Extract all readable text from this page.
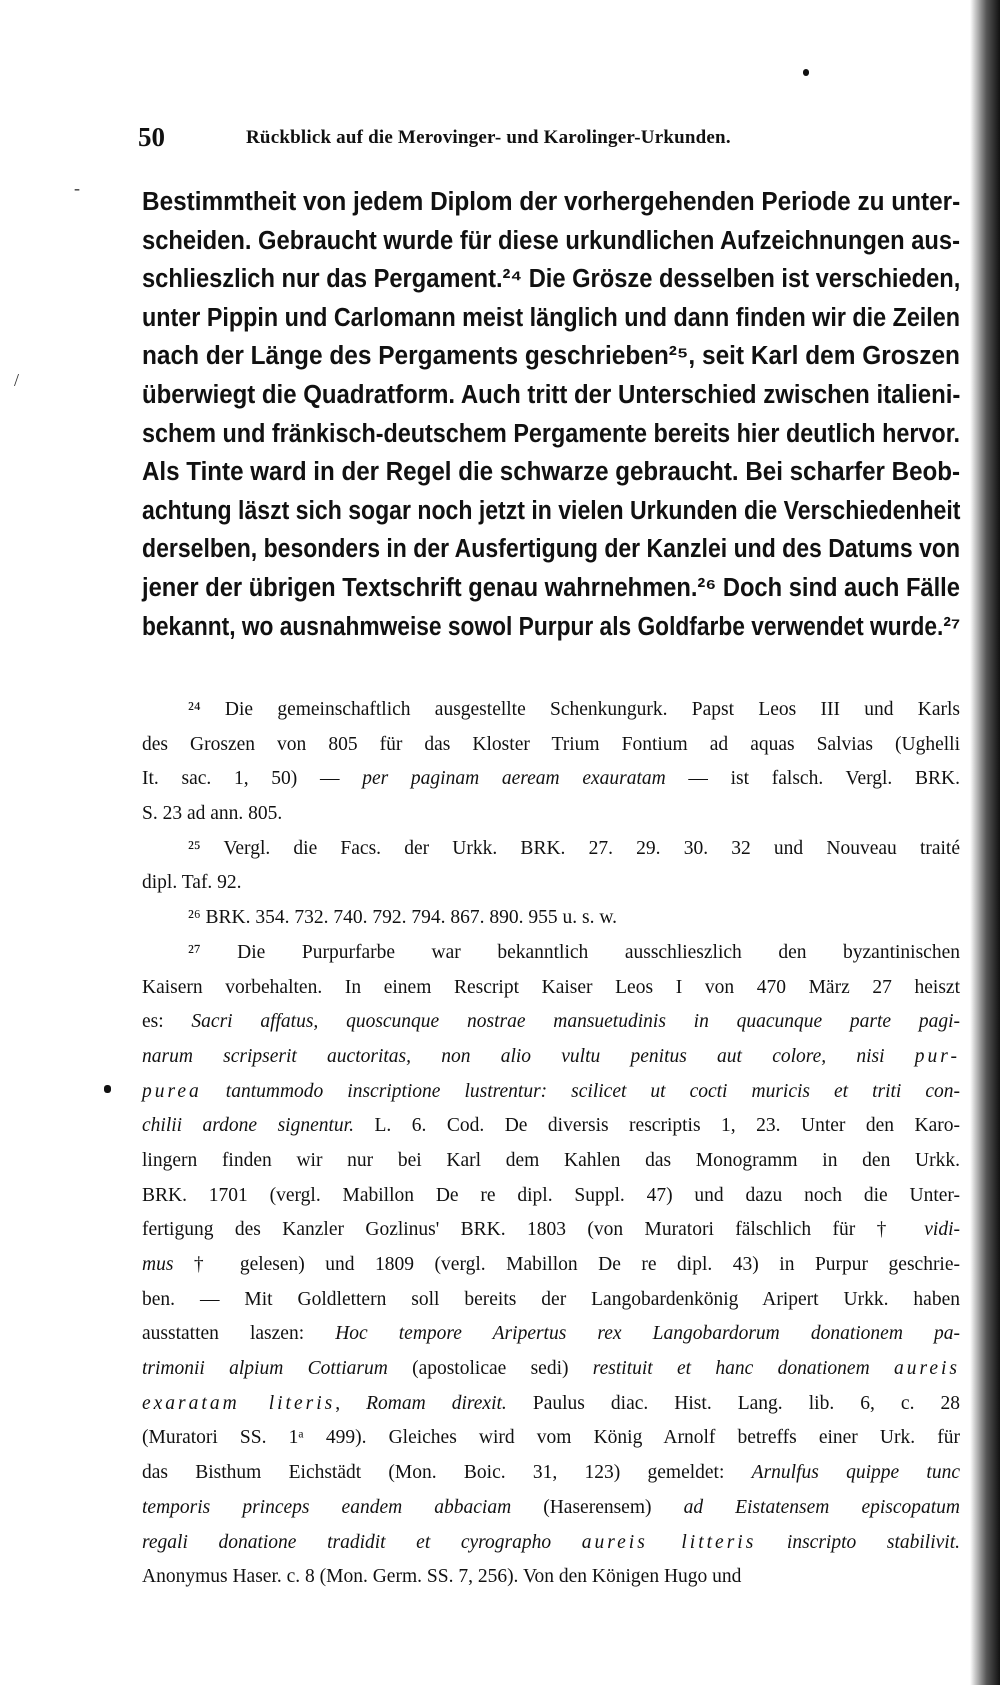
-
/
50	Rückblick auf die Merovinger- und Karolinger-Urkunden.
Bestimmtheit von jedem Diplom der vorhergehenden Periode zu unter-
scheiden. Gebraucht wurde für diese urkundlichen Aufzeichnungen aus-
schlieszlich nur das Pergament.²⁴ Die Grösze desselben ist verschieden,
unter Pippin und Carlomann meist länglich und dann finden wir die Zeilen
nach der Länge des Pergaments geschrieben²⁵, seit Karl dem Groszen
überwiegt die Quadratform. Auch tritt der Unterschied zwischen italieni-
schem und fränkisch-deutschem Pergamente bereits hier deutlich hervor.
Als Tinte ward in der Regel die schwarze gebraucht. Bei scharfer Beob-
achtung läszt sich sogar noch jetzt in vielen Urkunden die Verschiedenheit
derselben, besonders in der Ausfertigung der Kanzlei und des Datums von
jener der übrigen Textschrift genau wahrnehmen.²⁶ Doch sind auch Fälle
bekannt, wo ausnahmweise sowol Purpur als Goldfarbe verwendet wurde.²⁷
²⁴ Die gemeinschaftlich ausgestellte Schenkungurk. Papst Leos III und Karls
des Groszen von 805 für das Kloster Trium Fontium ad aquas Salvias (Ughelli
It. sac. 1, 50) — per paginam aeream exauratam — ist falsch. Vergl. BRK.
S. 23 ad ann. 805.
²⁵ Vergl. die Facs. der Urkk. BRK. 27. 29. 30. 32 und Nouveau traité
dipl. Taf. 92.
²⁶ BRK. 354. 732. 740. 792. 794. 867. 890. 955 u. s. w.
²⁷ Die Purpurfarbe war bekanntlich ausschlieszlich den byzantinischen
Kaisern vorbehalten. In einem Rescript Kaiser Leos I von 470 März 27 heiszt
es: Sacri affatus, quoscunque nostrae mansuetudinis in quacunque parte pagi-
narum scripserit auctoritas, non alio vultu penitus aut colore, nisi pur-
purea tantummodo inscriptione lustrentur: scilicet ut cocti muricis et triti con-
chilii ardone signentur. L. 6. Cod. De diversis rescriptis 1, 23. Unter den Karo-
lingern finden wir nur bei Karl dem Kahlen das Monogramm in den Urkk.
BRK. 1701 (vergl. Mabillon De re dipl. Suppl. 47) und dazu noch die Unter-
fertigung des Kanzler Gozlinus' BRK. 1803 (von Muratori fälschlich für † vidi-
mus † gelesen) und 1809 (vergl. Mabillon De re dipl. 43) in Purpur geschrie-
ben. — Mit Goldlettern soll bereits der Langobardenkönig Aripert Urkk. haben
ausstatten laszen: Hoc tempore Aripertus rex Langobardorum donationem pa-
trimonii alpium Cottiarum (apostolicae sedi) restituit et hanc donationem aureis
exaratam literis, Romam direxit. Paulus diac. Hist. Lang. lib. 6, c. 28
(Muratori SS. 1ᵃ 499). Gleiches wird vom König Arnolf betreffs einer Urk. für
das Bisthum Eichstädt (Mon. Boic. 31, 123) gemeldet: Arnulfus quippe tunc
temporis princeps eandem abbaciam (Haserensem) ad Eistatensem episcopatum
regali donatione tradidit et cyrographo aureis litteris inscripto stabilivit.
Anonymus Haser. c. 8 (Mon. Germ. SS. 7, 256). Von den Königen Hugo und
